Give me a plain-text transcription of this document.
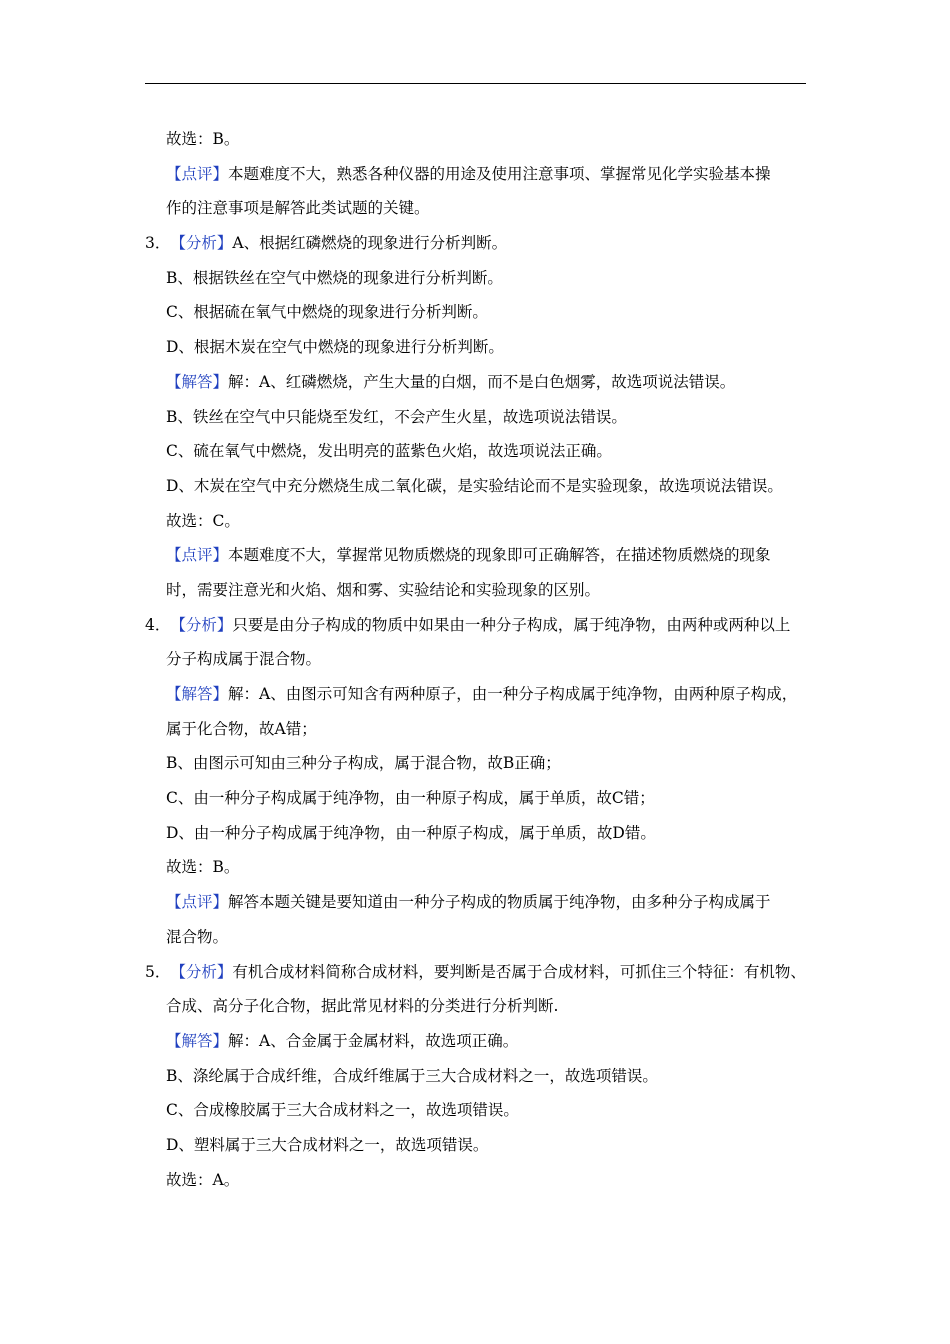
故选：B。
【点评】本题难度不大，熟悉各种仪器的用途及使用注意事项、掌握常见化学实验基本操
作的注意事项是解答此类试题的关键。
3．【分析】A、根据红磷燃烧的现象进行分析判断。
B、根据铁丝在空气中燃烧的现象进行分析判断。
C、根据硫在氧气中燃烧的现象进行分析判断。
D、根据木炭在空气中燃烧的现象进行分析判断。
【解答】解：A、红磷燃烧，产生大量的白烟，而不是白色烟雾，故选项说法错误。
B、铁丝在空气中只能烧至发红，不会产生火星，故选项说法错误。
C、硫在氧气中燃烧，发出明亮的蓝紫色火焰，故选项说法正确。
D、木炭在空气中充分燃烧生成二氧化碳，是实验结论而不是实验现象，故选项说法错误。
故选：C。
【点评】本题难度不大，掌握常见物质燃烧的现象即可正确解答，在描述物质燃烧的现象
时，需要注意光和火焰、烟和雾、实验结论和实验现象的区别。
4．【分析】只要是由分子构成的物质中如果由一种分子构成，属于纯净物，由两种或两种以上
分子构成属于混合物。
【解答】解：A、由图示可知含有两种原子，由一种分子构成属于纯净物，由两种原子构成，
属于化合物，故A错；
B、由图示可知由三种分子构成，属于混合物，故B正确；
C、由一种分子构成属于纯净物，由一种原子构成，属于单质，故C错；
D、由一种分子构成属于纯净物，由一种原子构成，属于单质，故D错。
故选：B。
【点评】解答本题关键是要知道由一种分子构成的物质属于纯净物，由多种分子构成属于
混合物。
5．【分析】有机合成材料简称合成材料，要判断是否属于合成材料，可抓住三个特征：有机物、
合成、高分子化合物，据此常见材料的分类进行分析判断.
【解答】解：A、合金属于金属材料，故选项正确。
B、涤纶属于合成纤维，合成纤维属于三大合成材料之一，故选项错误。
C、合成橡胶属于三大合成材料之一，故选项错误。
D、塑料属于三大合成材料之一，故选项错误。
故选：A。
